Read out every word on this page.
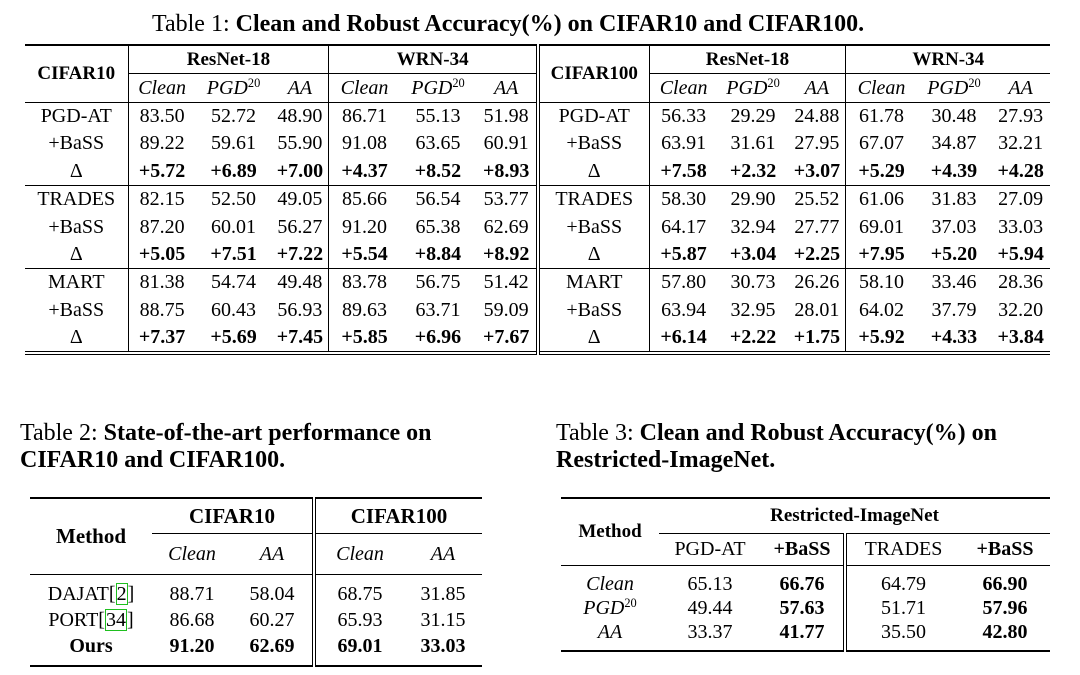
Table 1: Clean and Robust Accuracy(%) on CIFAR10 and CIFAR100.
CIFAR10	ResNet-18			WRN-34			CIFAR100	ResNet-18			WRN-34		
	Clean	PGD$^{20}$	AA	Clean	PGD$^{20}$	AA		Clean	PGD$^{20}$	AA	Clean	PGD$^{20}$	AA
PGD-AT	83.50	52.72	48.90	86.71	55.13	51.98	PGD-AT	56.33	29.29	24.88	61.78	30.48	27.93
+BaSS	89.22	59.61	55.90	91.08	63.65	60.91	+BaSS	63.91	31.61	27.95	67.07	34.87	32.21
Δ	+5.72	+6.89	+7.00	+4.37	+8.52	+8.93	Δ	+7.58	+2.32	+3.07	+5.29	+4.39	+4.28
TRADES	82.15	52.50	49.05	85.66	56.54	53.77	TRADES	58.30	29.90	25.52	61.06	31.83	27.09
+BaSS	87.20	60.01	56.27	91.20	65.38	62.69	+BaSS	64.17	32.94	27.77	69.01	37.03	33.03
Δ	+5.05	+7.51	+7.22	+5.54	+8.84	+8.92	Δ	+5.87	+3.04	+2.25	+7.95	+5.20	+5.94
MART	81.38	54.74	49.48	83.78	56.75	51.42	MART	57.80	30.73	26.26	58.10	33.46	28.36
+BaSS	88.75	60.43	56.93	89.63	63.71	59.09	+BaSS	63.94	32.95	28.01	64.02	37.79	32.20
Δ	+7.37	+5.69	+7.45	+5.85	+6.96	+7.67	Δ	+6.14	+2.22	+1.75	+5.92	+4.33	+3.84
Table 2: State-of-the-art performance on
CIFAR10 and CIFAR100.
Method	CIFAR10		CIFAR100	
	Clean	AA	Clean	AA
DAJAT[2]	88.71	58.04	68.75	31.85
PORT[34]	86.68	60.27	65.93	31.15
Ours	91.20	62.69	69.01	33.03
Table 3: Clean and Robust Accuracy(%) on
Restricted-ImageNet.
Method	Restricted-ImageNet			
	PGD-AT	+BaSS	TRADES	+BaSS
Clean	65.13	66.76	64.79	66.90
PGD$^{20}$	49.44	57.63	51.71	57.96
AA	33.37	41.77	35.50	42.80
